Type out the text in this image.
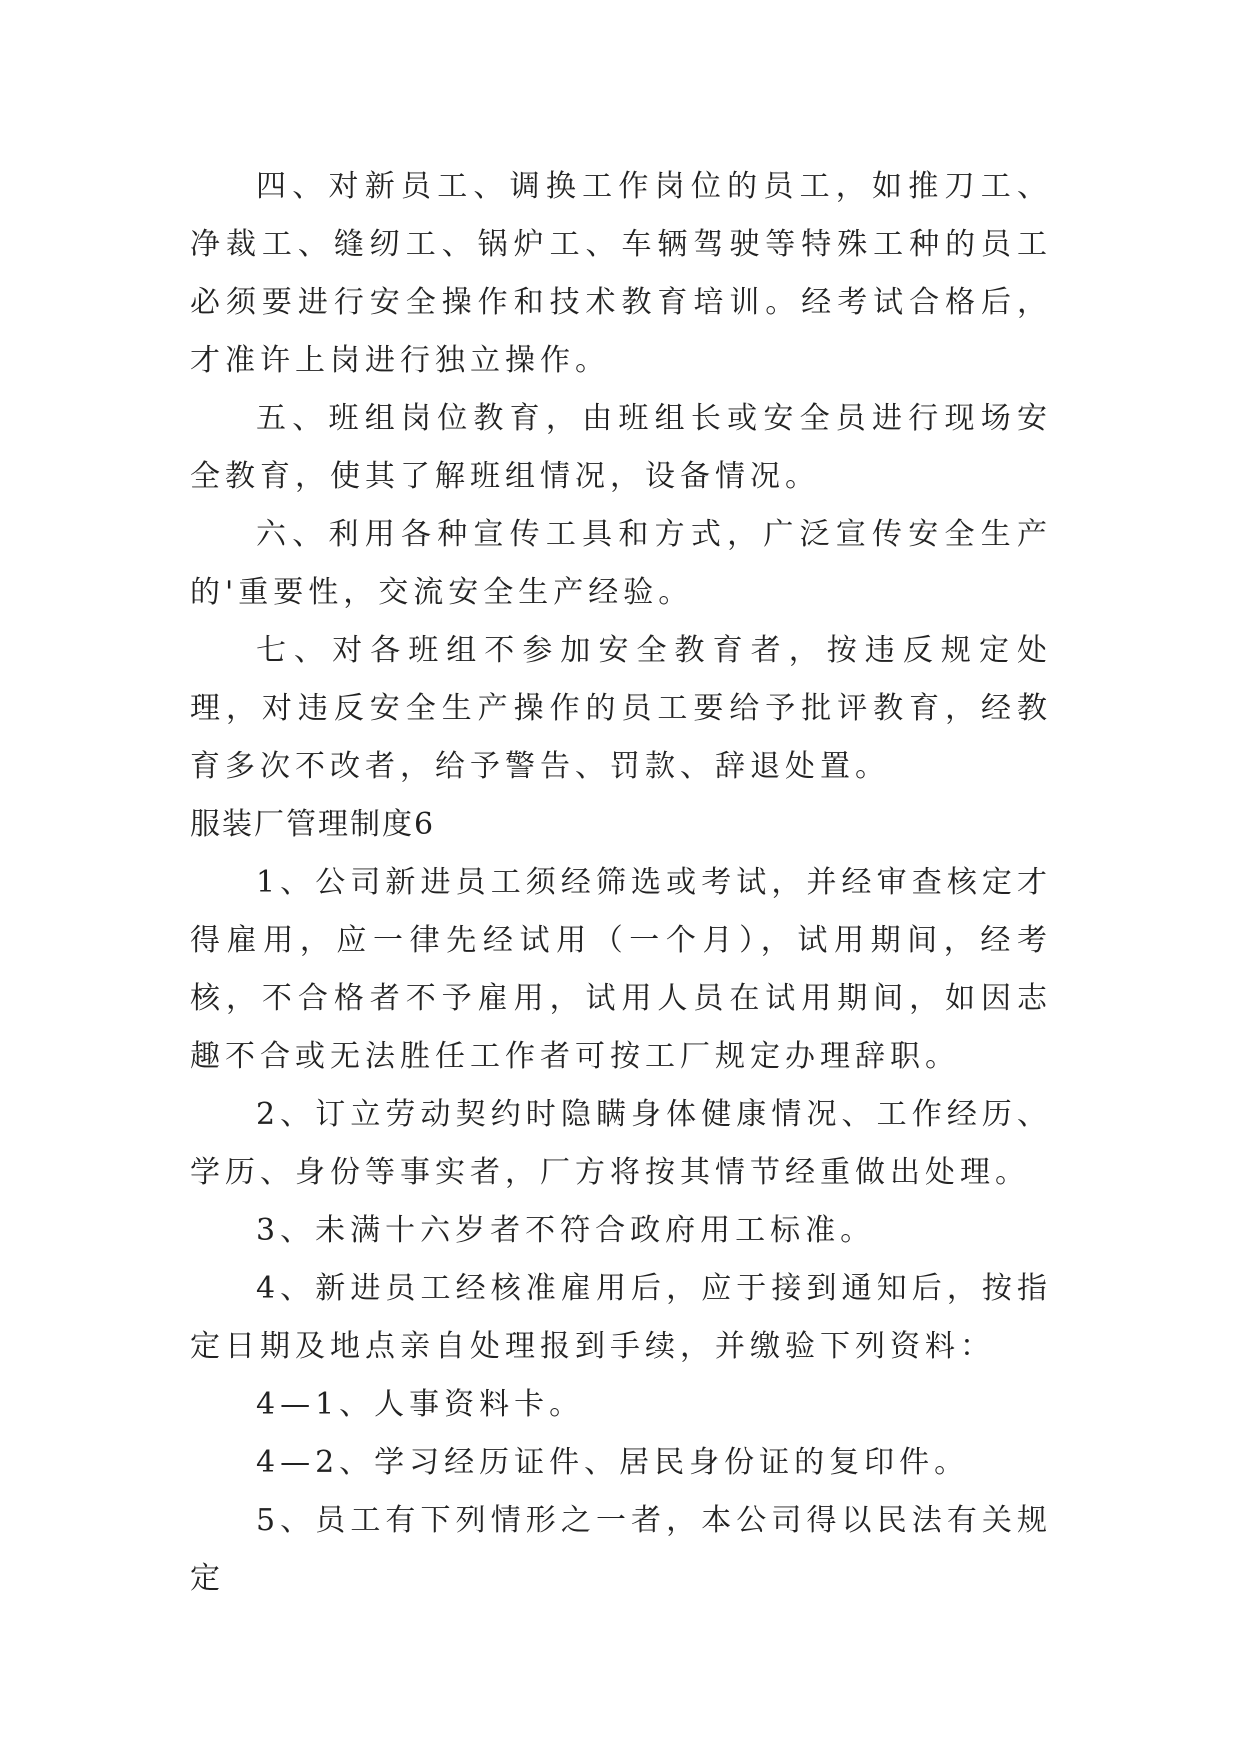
四、对新员工、调换工作岗位的员工，如推刀工、净裁工、缝纫工、锅炉工、车辆驾驶等特殊工种的员工必须要进行安全操作和技术教育培训。经考试合格后，才准许上岗进行独立操作。

五、班组岗位教育，由班组长或安全员进行现场安全教育，使其了解班组情况，设备情况。

六、利用各种宣传工具和方式，广泛宣传安全生产的'重要性，交流安全生产经验。

七、对各班组不参加安全教育者，按违反规定处理，对违反安全生产操作的员工要给予批评教育，经教育多次不改者，给予警告、罚款、辞退处置。

服装厂管理制度6

1、公司新进员工须经筛选或考试，并经审查核定才得雇用，应一律先经试用（一个月），试用期间，经考核，不合格者不予雇用，试用人员在试用期间，如因志趣不合或无法胜任工作者可按工厂规定办理辞职。

2、订立劳动契约时隐瞒身体健康情况、工作经历、学历、身份等事实者，厂方将按其情节经重做出处理。

3、未满十六岁者不符合政府用工标准。

4、新进员工经核准雇用后，应于接到通知后，按指定日期及地点亲自处理报到手续，并缴验下列资料：

4—1、人事资料卡。

4—2、学习经历证件、居民身份证的复印件。

5、员工有下列情形之一者，本公司得以民法有关规定
